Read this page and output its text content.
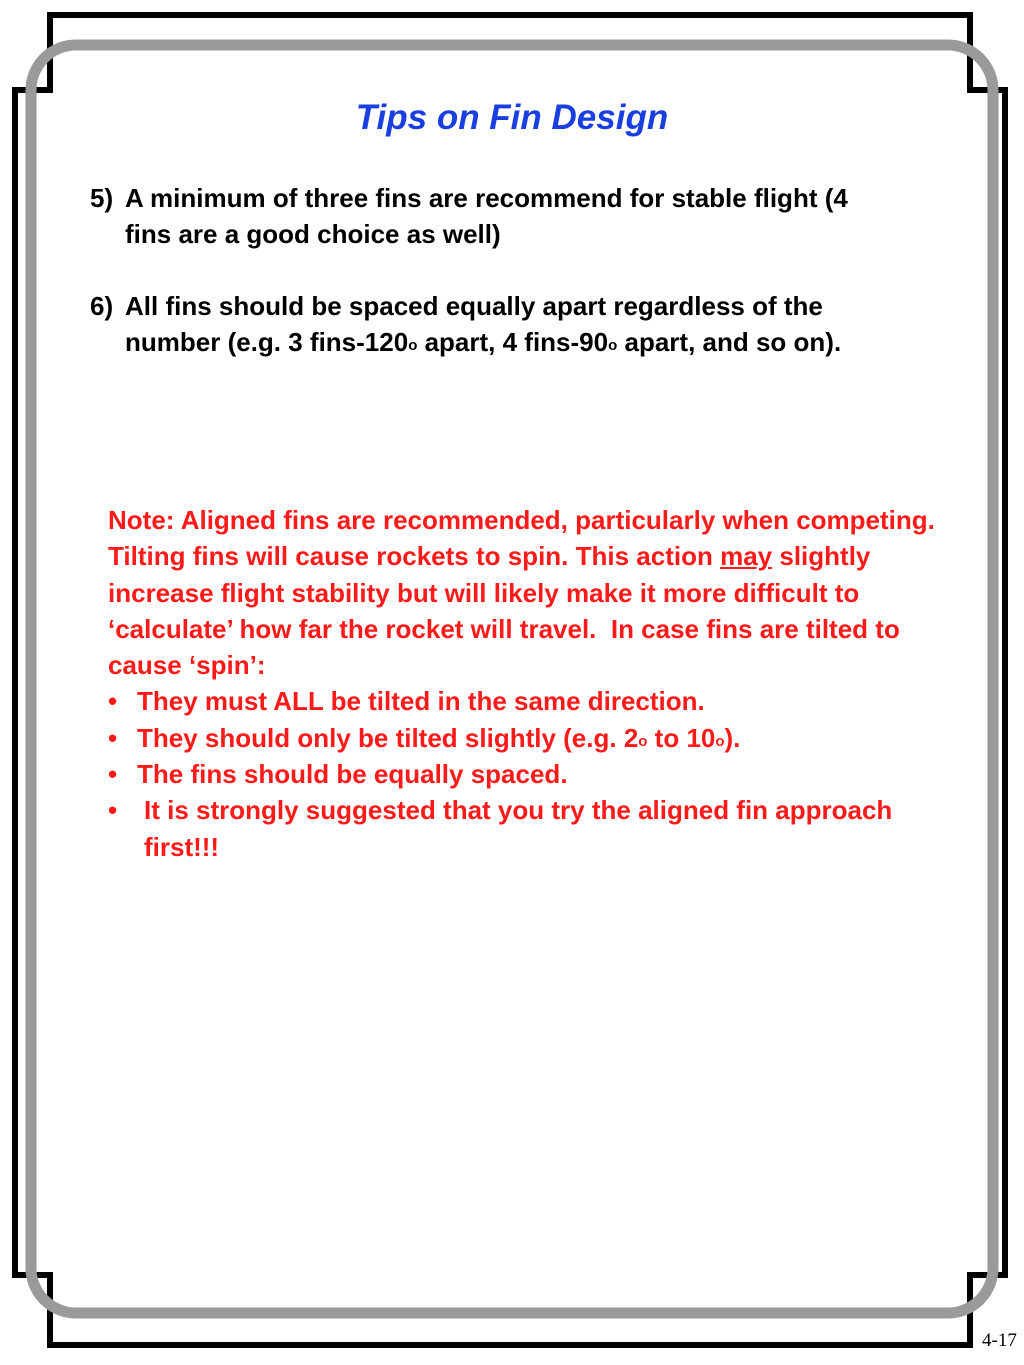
Tips on Fin Design
5) A minimum of three fins are recommend for stable flight (4 fins are a good choice as well)
6) All fins should be spaced equally apart regardless of the number (e.g. 3 fins-120$^o$ apart, 4 fins-90$^o$ apart, and so on).

Note: Aligned fins are recommended, particularly when competing.  Tilting fins will cause rockets to spin. This action may slightly increase flight stability but will likely make it more difficult to ‘calculate’ how far the rocket will travel.  In case fins are tilted to cause ‘spin’:

• They must ALL be tilted in the same direction.
• They should only be tilted slightly (e.g. 2$^o$ to 10$^o$).
• The fins should be equally spaced.
• It is strongly suggested that you try the aligned fin approach first!!!
4-17
